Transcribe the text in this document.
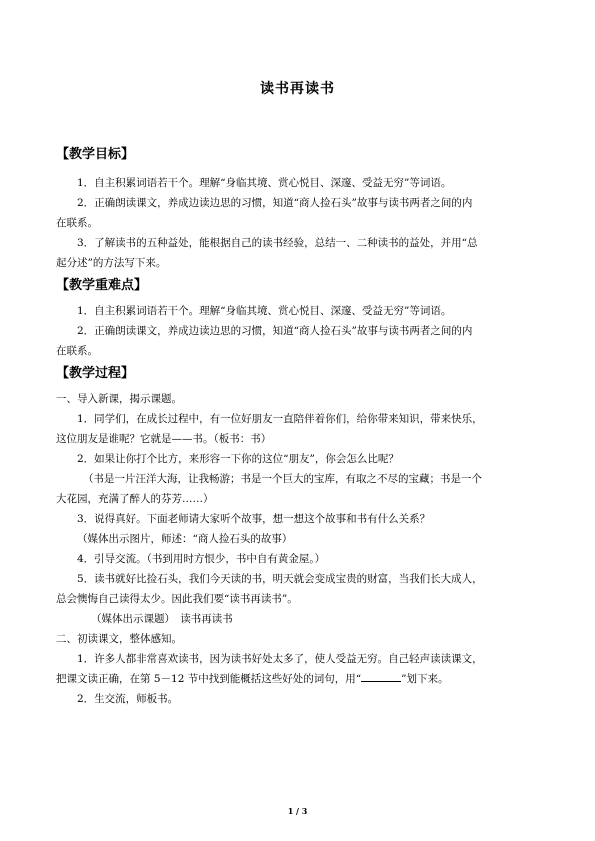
读书再读书
【教学目标】
1．自主积累词语若干个。理解“身临其境、赏心悦目、深邃、受益无穷”等词语。
2．正确朗读课文，养成边读边思的习惯，知道“商人捡石头”故事与读书两者之间的内
在联系。
3．了解读书的五种益处，能根据自己的读书经验，总结一、二种读书的益处，并用“总
起分述”的方法写下来。
【教学重难点】
1．自主积累词语若干个。理解“身临其境、赏心悦目、深邃、受益无穷”等词语。
2．正确朗读课文，养成边读边思的习惯，知道“商人捡石头”故事与读书两者之间的内
在联系。
【教学过程】
一、导入新课，揭示课题。
1．同学们，在成长过程中，有一位好朋友一直陪伴着你们，给你带来知识，带来快乐，
这位朋友是谁呢？它就是——书。（板书：书）
2．如果让你打个比方，来形容一下你的这位“朋友”，你会怎么比呢？
（书是一片汪洋大海，让我畅游；书是一个巨大的宝库，有取之不尽的宝藏；书是一个
大花园，充满了醉人的芬芳……）
3．说得真好。下面老师请大家听个故事，想一想这个故事和书有什么关系？
（媒体出示图片，师述：“商人捡石头的故事）
4．引导交流。（书到用时方恨少，书中自有黄金屋。）
5．读书就好比捡石头，我们今天读的书，明天就会变成宝贵的财富，当我们长大成人，
总会懊悔自己读得太少。因此我们要“读书再读书”。
（媒体出示课题）　读书再读书
二、初读课文，整体感知。
1．许多人都非常喜欢读书，因为读书好处太多了，使人受益无穷。自己轻声读读课文，
把课文读正确，在第 5－12 节中找到能概括这些好处的词句，用“	”划下来。
2．生交流，师板书。
1 / 3
